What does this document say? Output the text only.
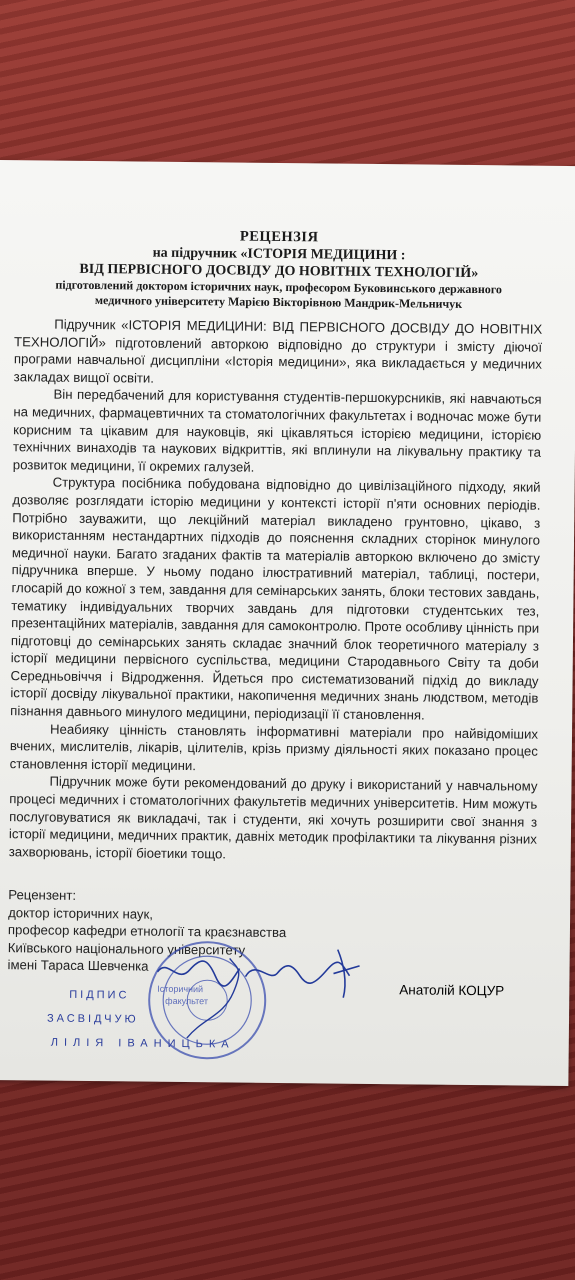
РЕЦЕНЗІЯ

на підручник «ІСТОРІЯ МЕДИЦИНИ :

ВІД ПЕРВІСНОГО ДОСВІДУ ДО НОВІТНІХ ТЕХНОЛОГІЙ»

підготовлений доктором історичних наук, професором Буковинського державного

медичного університету Марією Вікторівною Мандрик-Мельничук

Підручник «ІСТОРІЯ МЕДИЦИНИ: ВІД ПЕРВІСНОГО ДОСВІДУ ДО НОВІТНІХ ТЕХНОЛОГІЙ» підготовлений авторкою відповідно до структури і змісту діючої програми навчальної дисципліни «Історія медицини», яка викладається у медичних закладах вищої освіти.

Він передбачений для користування студентів-першокурсників, які навчаються на медичних, фармацевтичних та стоматологічних факультетах і водночас може бути корисним та цікавим для науковців, які цікавляться історією медицини, історією технічних винаходів та наукових відкриттів, які вплинули на лікувальну практику та розвиток медицини, її окремих галузей.

Структура посібника побудована відповідно до цивілізаційного підходу, який дозволяє розглядати історію медицини у контексті історії п'яти основних періодів. Потрібно зауважити, що лекційний матеріал викладено грунтовно, цікаво, з використанням нестандартних підходів до пояснення складних сторінок минулого медичної науки. Багато згаданих фактів та матеріалів авторкою включено до змісту підручника вперше. У ньому подано ілюстративний матеріал, таблиці, постери, глосарій до кожної з тем, завдання для семінарських занять, блоки тестових завдань, тематику індивідуальних творчих завдань для підготовки студентських тез, презентаційних матеріалів, завдання для самоконтролю. Проте особливу цінність при підготовці до семінарських занять складає значний блок теоретичного матеріалу з історії медицини первісного суспільства, медицини Стародавнього Світу та доби Середньовіччя і Відродження. Йдеться про систематизований підхід до викладу історії досвіду лікувальної практики, накопичення медичних знань людством, методів пізнання давнього минулого медицини, періодизації її становлення.

Неабияку цінність становлять інформативні матеріали про найвідоміших вчених, мислителів, лікарів, цілителів, крізь призму діяльності яких показано процес становлення історії медицини.

Підручник може бути рекомендований до друку і використаний у навчальному процесі медичних і стоматологічних факультетів медичних університетів. Ним можуть послуговуватися як викладачі, так і студенти, які хочуть розширити свої знання з історії медицини, медичних практик, давніх методик профілактики та лікування різних захворювань, історії біоетики тощо.

Рецензент:

доктор історичних наук,

професор кафедри етнології та краєзнавства

Київського національного університету

імені Тараса Шевченка

Анатолій КОЦУР
ПІДПИС
ЗАСВІДЧУЮ
ЛІЛІЯ ІВАНИЦЬКА
Історичний
факультет
